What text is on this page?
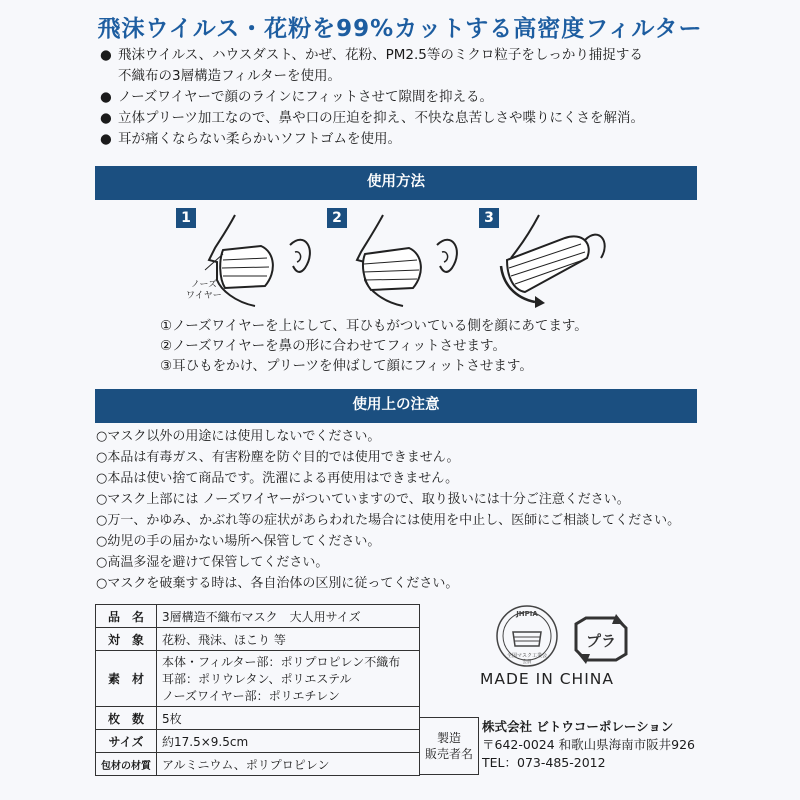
飛沫ウイルス・花粉を99%カットする高密度フィルター
● 飛沫ウイルス、ハウスダスト、かぜ、花粉、PM2.5等のミクロ粒子をしっかり捕捉する
不織布の3層構造フィルターを使用。
● ノーズワイヤーで顔のラインにフィットさせて隙間を抑える。
● 立体プリーツ加工なので、鼻や口の圧迫を抑え、不快な息苦しさや喋りにくさを解消。
● 耳が痛くならない柔らかいソフトゴムを使用。
使用方法
1	2	3
ノーズ
ワイヤー
①ノーズワイヤーを上にして、耳ひもがついている側を顔にあてます。
②ノーズワイヤーを鼻の形に合わせてフィットさせます。
③耳ひもをかけ、プリーツを伸ばして顔にフィットさせます。
使用上の注意
○マスク以外の用途には使用しないでください。
○本品は有毒ガス、有害粉塵を防ぐ目的では使用できません。
○本品は使い捨て商品です。洗濯による再使用はできません。
○マスク上部には ノーズワイヤーがついていますので、取り扱いには十分ご注意ください。
○万一、かゆみ、かぶれ等の症状があらわれた場合には使用を中止し、医師にご相談してください。
○幼児の手の届かない場所へ保管してください。
○高温多湿を避けて保管してください。
○マスクを破棄する時は、各自治体の区別に従ってください。
品　名	3層構造不織布マスク　大人用サイズ
対　象	花粉、飛沫、ほこり 等
素　材	本体・フィルター部：ポリプロピレン不織布
耳部：ポリウレタン、ポリエステル
ノーズワイヤー部：ポリエチレン

枚　数	5枚
サイズ	約17.5×9.5cm
包材の材質	アルミニウム、ポリプロピレン
製造
販売者名
株式会社 ビトウコーポレーション
〒642-0024 和歌山県海南市阪井926
TEL：073-485-2012
JHPIA
全国マスク工業会
会員
プラ
MADE IN CHINA
